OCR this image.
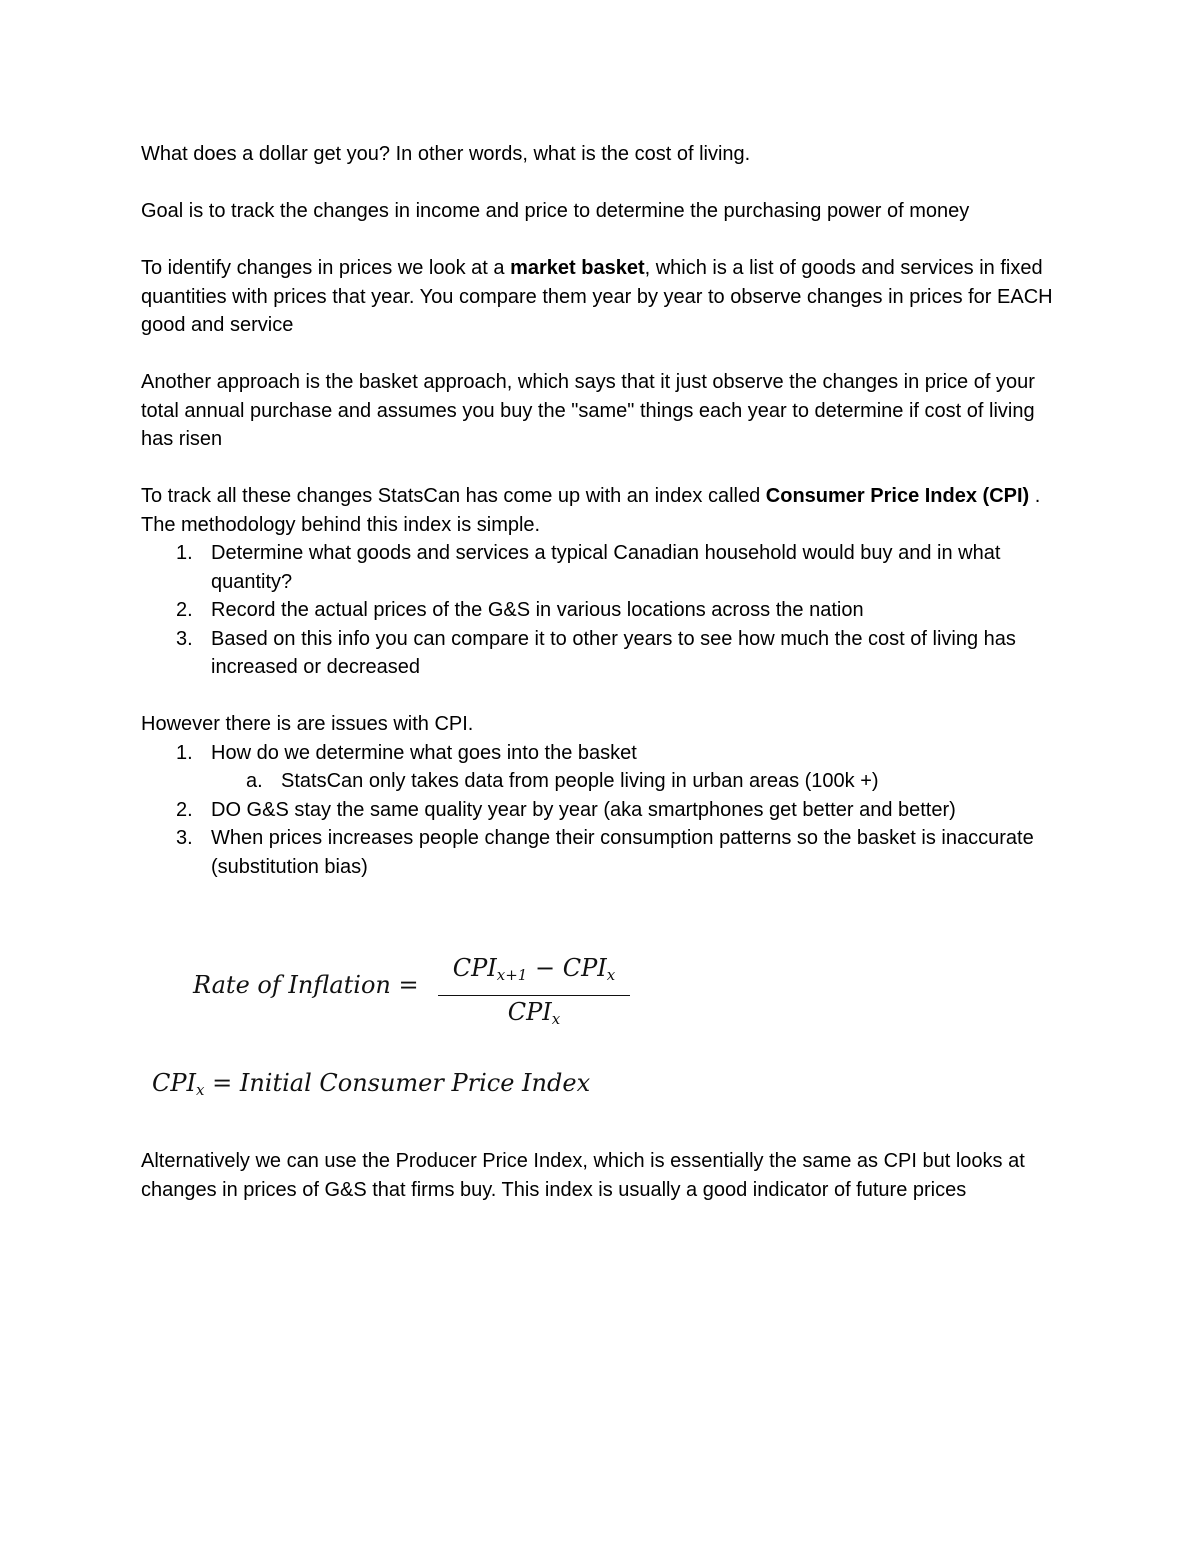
What does a dollar get you? In other words, what is the cost of living.

Goal is to track the changes in income and price to determine the purchasing power of money

To identify changes in prices we look at a market basket, which is a list of goods and services in fixed quantities with prices that year. You compare them year by year to observe changes in prices for EACH good and service

Another approach is the basket approach, which says that it just observe the changes in price of your total annual purchase and assumes you buy the "same" things each year to determine if cost of living has risen

To track all these changes StatsCan has come up with an index called Consumer Price Index (CPI) . The methodology behind this index is simple.

1. Determine what goods and services a typical Canadian household would buy and in what quantity?
2. Record the actual prices of the G&S in various locations across the nation
3. Based on this info you can compare it to other years to see how much the cost of living has increased or decreased

However there is are issues with CPI.

1. How do we determine what goes into the basket
a. StatsCan only takes data from people living in urban areas (100k +)
2. DO G&S stay the same quality year by year (aka smartphones get better and better)
3. When prices increases people change their consumption patterns so the basket is inaccurate (substitution bias)
Rate of Inflation =
CPIx+1 − CPIx
CPIx
CPIx = Initial Consumer Price Index

Alternatively we can use the Producer Price Index, which is essentially the same as CPI but looks at changes in prices of G&S that firms buy. This index is usually a good indicator of future prices
